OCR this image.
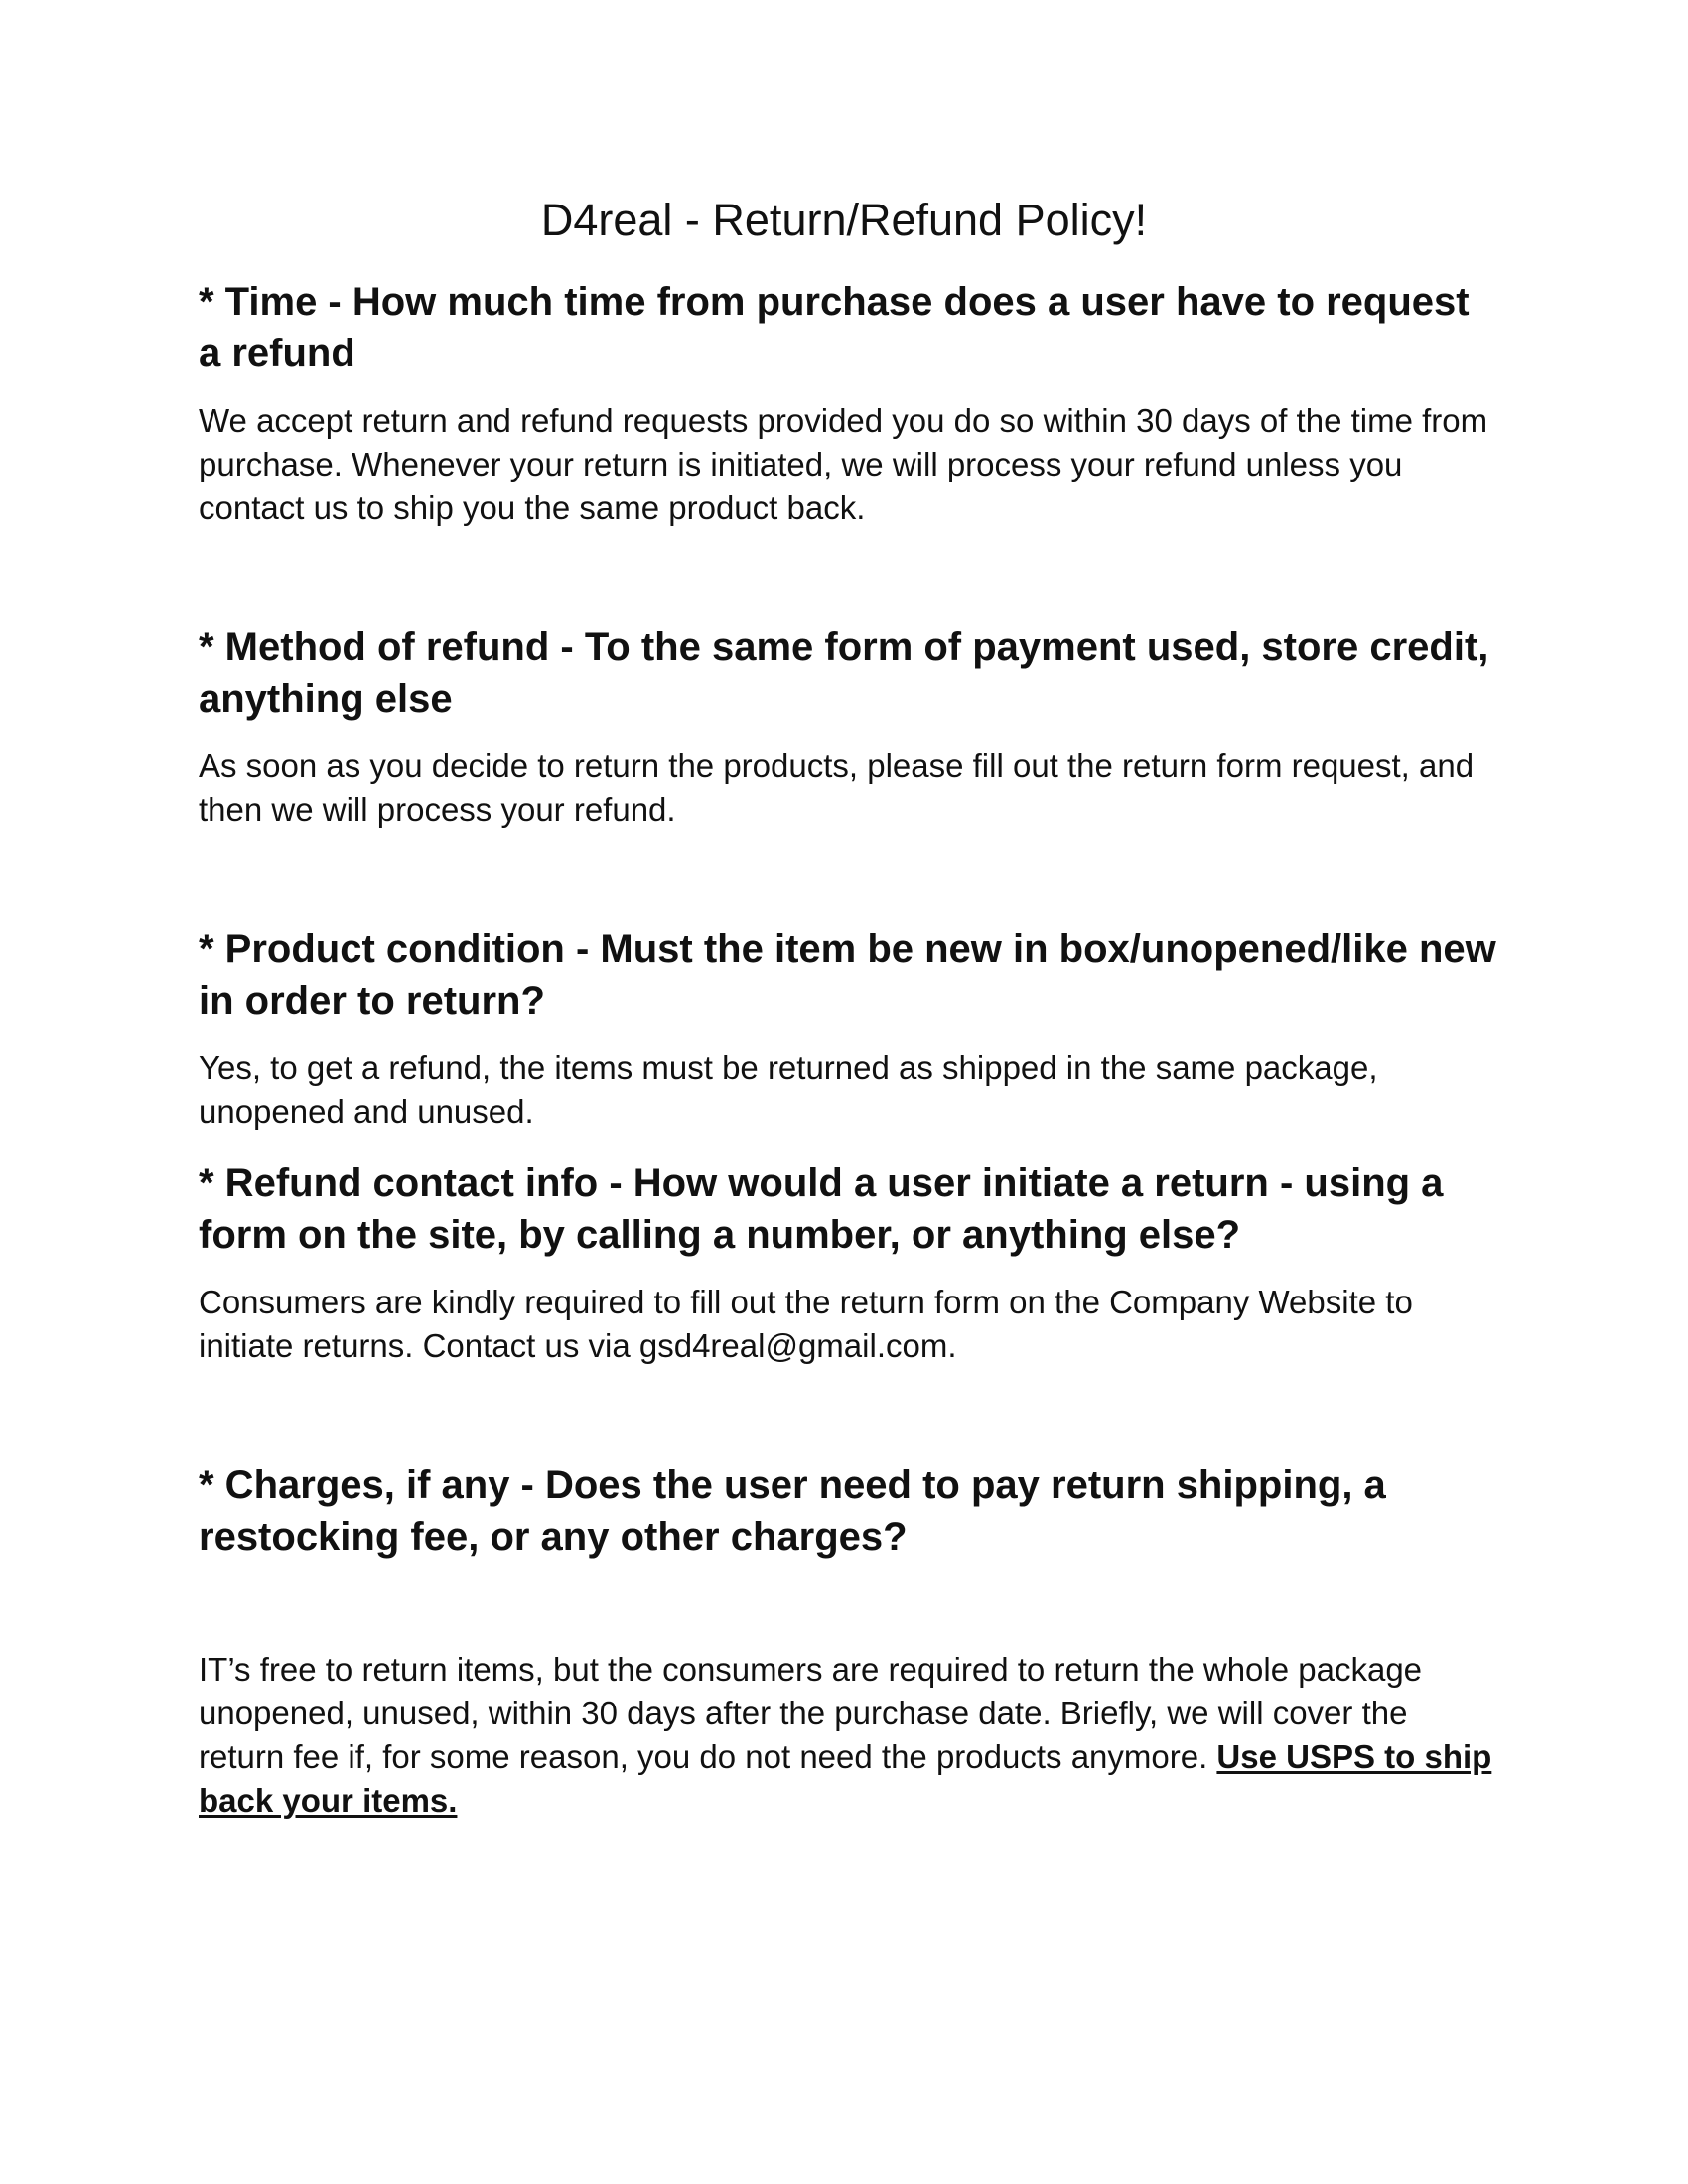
D4real - Return/Refund Policy!
* Time - How much time from purchase does a user have to request a refund

We accept return and refund requests provided you do so within 30 days of the time from purchase. Whenever your return is initiated, we will process your refund unless you contact us to ship you the same product back.

* Method of refund - To the same form of payment used, store credit, anything else

As soon as you decide to return the products, please fill out the return form request, and then we will process your refund.

* Product condition - Must the item be new in box/unopened/like new in order to return?

Yes, to get a refund, the items must be returned as shipped in the same package, unopened and unused.

* Refund contact info - How would a user initiate a return - using a form on the site, by calling a number, or anything else?

Consumers are kindly required to fill out the return form on the Company Website to initiate returns. Contact us via gsd4real@gmail.com.

* Charges, if any - Does the user need to pay return shipping, a restocking fee, or any other charges?

IT’s free to return items, but the consumers are required to return the whole package unopened, unused, within 30 days after the purchase date. Briefly, we will cover the return fee if, for some reason, you do not need the products anymore. Use USPS to ship back your items.
